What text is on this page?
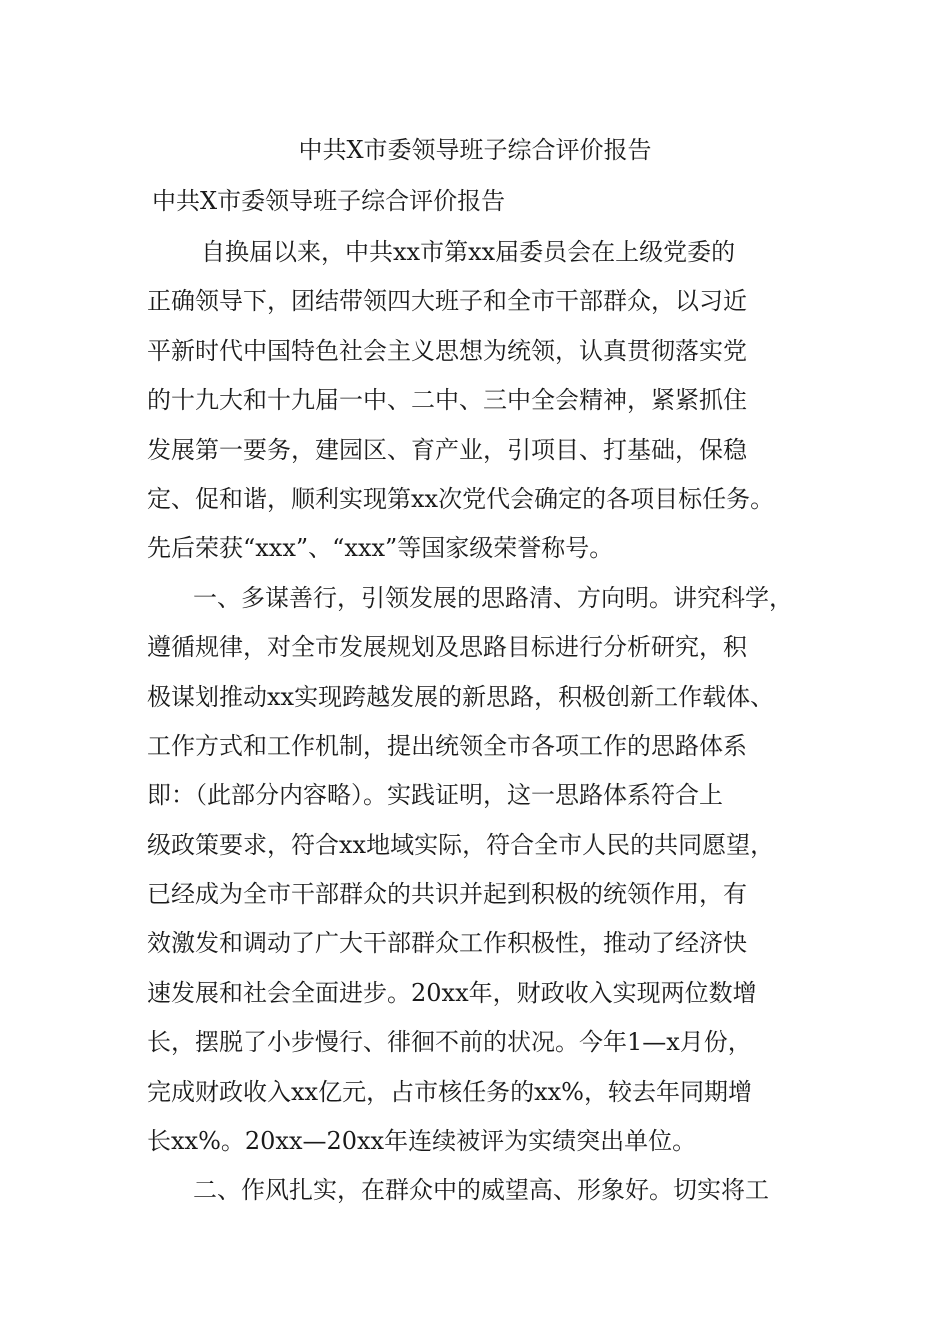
中共X市委领导班子综合评价报告
中共X市委领导班子综合评价报告
自换届以来，中共xx市第xx届委员会在上级党委的
正确领导下，团结带领四大班子和全市干部群众，以习近
平新时代中国特色社会主义思想为统领，认真贯彻落实党
的十九大和十九届一中、二中、三中全会精神，紧紧抓住
发展第一要务，建园区、育产业，引项目、打基础，保稳
定、促和谐，顺利实现第xx次党代会确定的各项目标任务。
先后荣获“xxx”、“xxx”等国家级荣誉称号。
一、多谋善行，引领发展的思路清、方向明。讲究科学，
遵循规律，对全市发展规划及思路目标进行分析研究，积
极谋划推动xx实现跨越发展的新思路，积极创新工作载体、
工作方式和工作机制，提出统领全市各项工作的思路体系
即：（此部分内容略）。实践证明，这一思路体系符合上
级政策要求，符合xx地域实际，符合全市人民的共同愿望，
已经成为全市干部群众的共识并起到积极的统领作用，有
效激发和调动了广大干部群众工作积极性，推动了经济快
速发展和社会全面进步。20xx年，财政收入实现两位数增
长，摆脱了小步慢行、徘徊不前的状况。今年1—x月份，
完成财政收入xx亿元，占市核任务的xx%，较去年同期增
长xx%。20xx—20xx年连续被评为实绩突出单位。
二、作风扎实，在群众中的威望高、形象好。切实将工
